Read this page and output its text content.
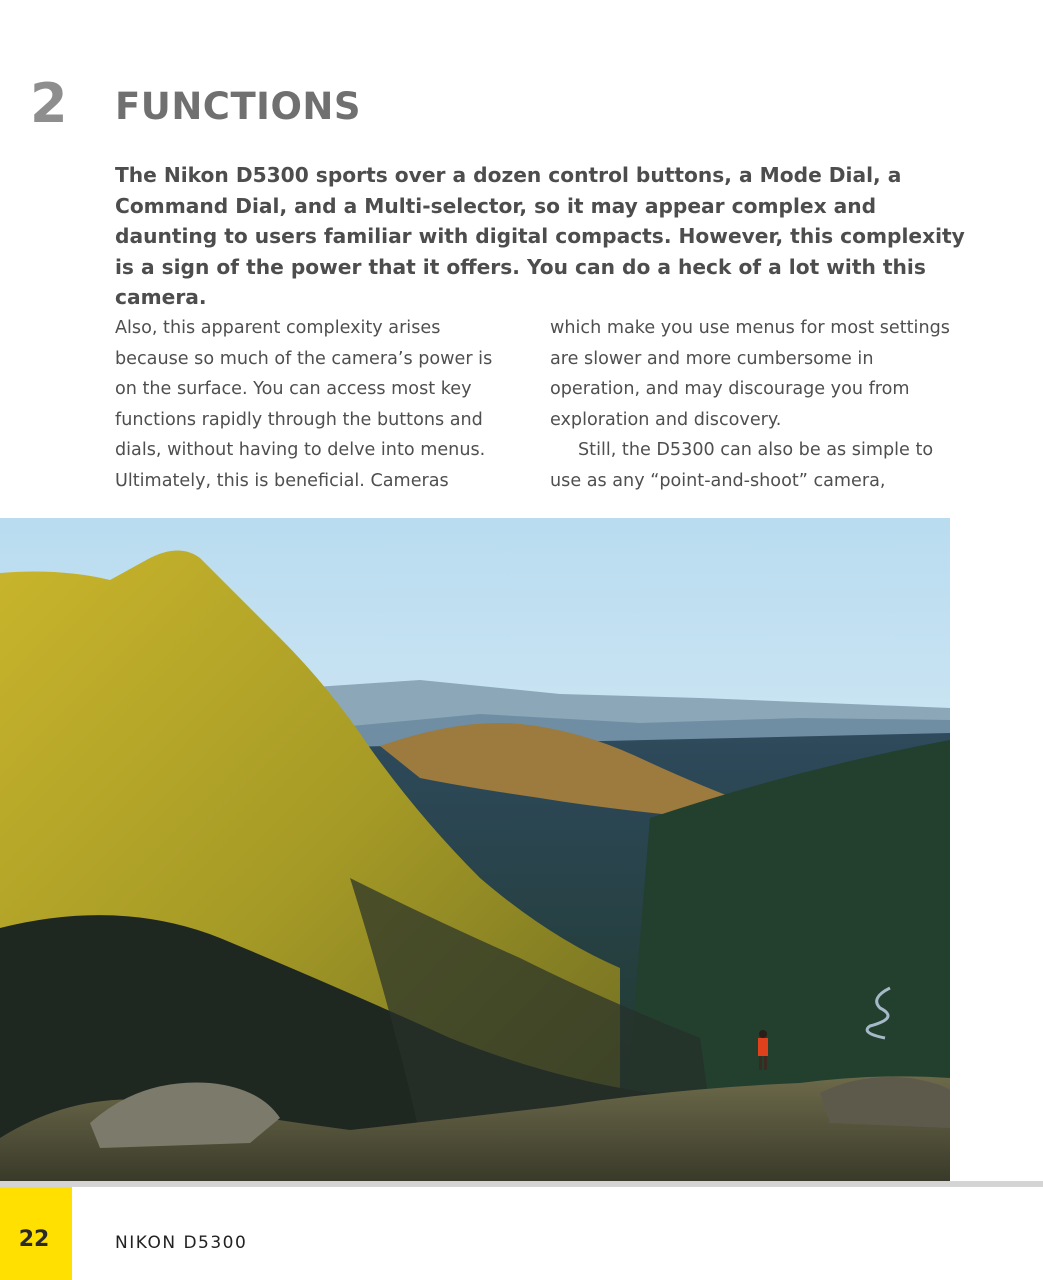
2 FUNCTIONS

The Nikon D5300 sports over a dozen control buttons, a Mode Dial, a Command Dial, and a Multi-selector, so it may appear complex and daunting to users familiar with digital compacts. However, this complexity is a sign of the power that it offers. You can do a heck of a lot with this camera.

Also, this apparent complexity arises because so much of the camera’s power is on the surface. You can access most key functions rapidly through the buttons and dials, without having to delve into menus. Ultimately, this is beneficial. Cameras

which make you use menus for most settings are slower and more cumbersome in operation, and may discourage you from exploration and discovery.

Still, the D5300 can also be as simple to use as any “point-and-shoot” camera,

22	NIKON D5300
